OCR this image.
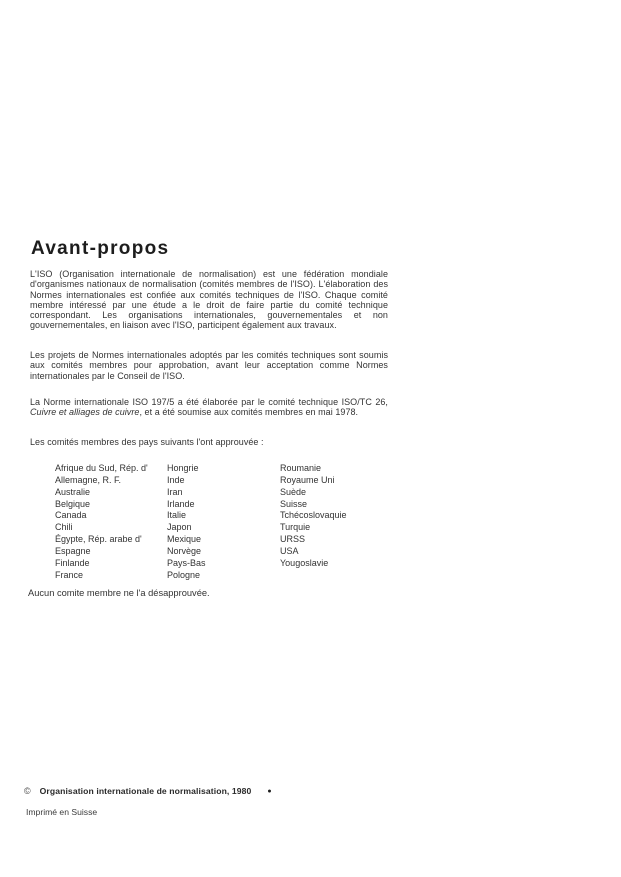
Avant-propos

L'ISO (Organisation internationale de normalisation) est une fédération mondiale d'organismes nationaux de normalisation (comités membres de l'ISO). L'élaboration des Normes internationales est confiée aux comités techniques de l'ISO. Chaque comité membre intéressé par une étude a le droit de faire partie du comité technique correspondant. Les organisations internationales, gouvernementales et non gouvernementales, en liaison avec l'ISO, participent également aux travaux.

Les projets de Normes internationales adoptés par les comités techniques sont soumis aux comités membres pour approbation, avant leur acceptation comme Normes internationales par le Conseil de l'ISO.

La Norme internationale ISO 197/5 a été élaborée par le comité technique ISO/TC 26, Cuivre et alliages de cuivre, et a été soumise aux comités membres en mai 1978.

Les comités membres des pays suivants l'ont approuvée :

Afrique du Sud, Rép. d'
Allemagne, R. F.
Australie
Belgique
Canada
Chili
Égypte, Rép. arabe d'
Espagne
Finlande
France
Hongrie
Inde
Iran
Irlande
Italie
Japon
Mexique
Norvège
Pays-Bas
Pologne
Roumanie
Royaume Uni
Suède
Suisse
Tchécoslovaquie
Turquie
URSS
USA
Yougoslavie

Aucun comite membre ne l'a désapprouvée.

© Organisation internationale de normalisation, 1980 ●

Imprimé en Suisse
